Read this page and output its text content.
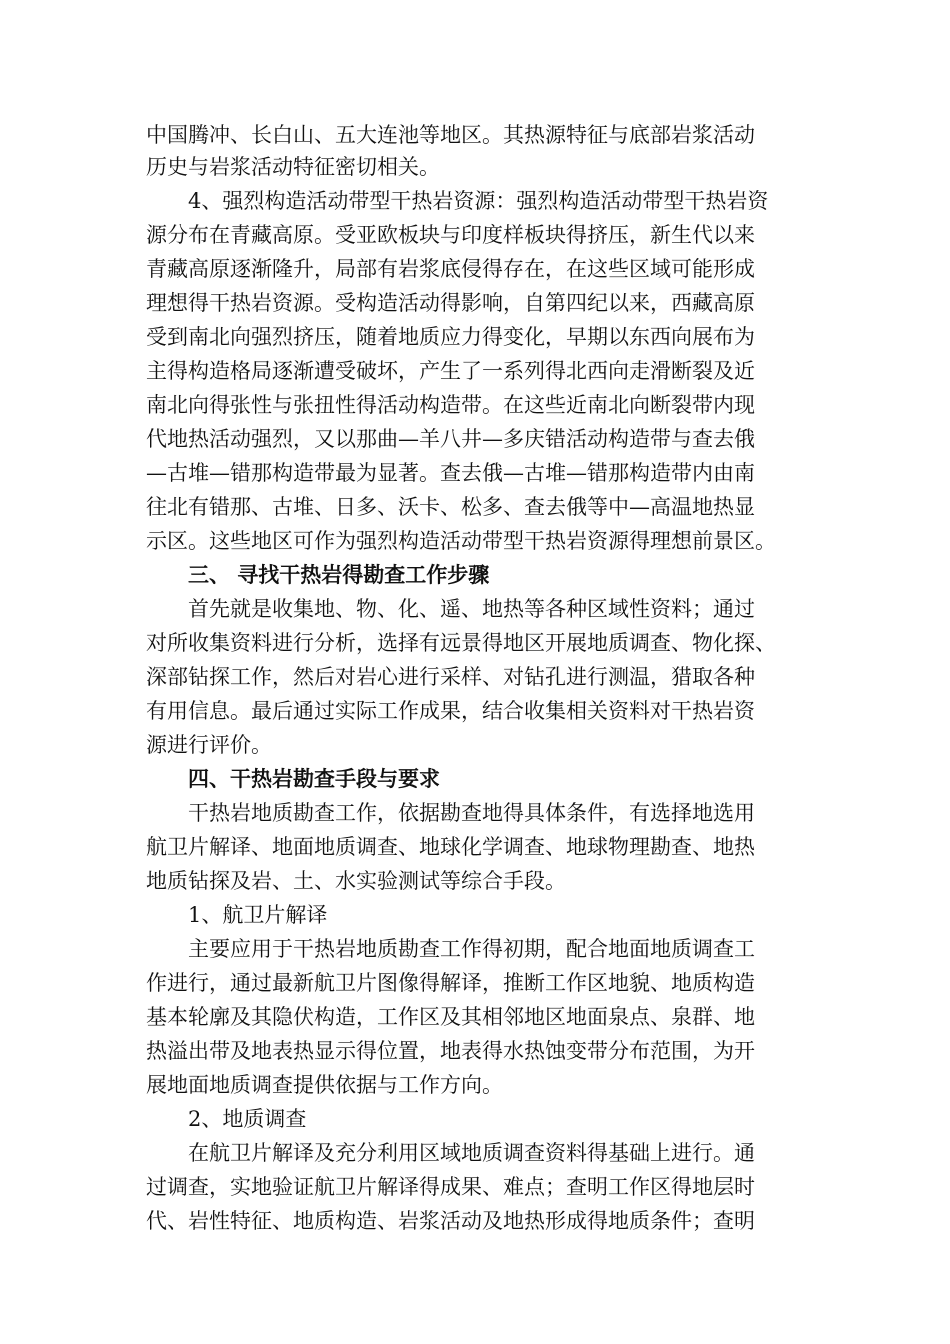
中国腾冲、长白山、五大连池等地区。其热源特征与底部岩浆活动
历史与岩浆活动特征密切相关。
4、强烈构造活动带型干热岩资源：强烈构造活动带型干热岩资
源分布在青藏高原。受亚欧板块与印度样板块得挤压，新生代以来
青藏高原逐渐隆升，局部有岩浆底侵得存在，在这些区域可能形成
理想得干热岩资源。受构造活动得影响，自第四纪以来，西藏高原
受到南北向强烈挤压，随着地质应力得变化，早期以东西向展布为
主得构造格局逐渐遭受破坏，产生了一系列得北西向走滑断裂及近
南北向得张性与张扭性得活动构造带。在这些近南北向断裂带内现
代地热活动强烈，又以那曲—羊八井—多庆错活动构造带与查去俄
—古堆—错那构造带最为显著。查去俄—古堆—错那构造带内由南
往北有错那、古堆、日多、沃卡、松多、查去俄等中—高温地热显
示区。这些地区可作为强烈构造活动带型干热岩资源得理想前景区。
三、 寻找干热岩得勘查工作步骤
首先就是收集地、物、化、遥、地热等各种区域性资料；通过
对所收集资料进行分析，选择有远景得地区开展地质调查、物化探、
深部钻探工作，然后对岩心进行采样、对钻孔进行测温，猎取各种
有用信息。最后通过实际工作成果，结合收集相关资料对干热岩资
源进行评价。
四、干热岩勘查手段与要求
干热岩地质勘查工作，依据勘查地得具体条件，有选择地选用
航卫片解译、地面地质调查、地球化学调查、地球物理勘查、地热
地质钻探及岩、土、水实验测试等综合手段。
1、航卫片解译
主要应用于干热岩地质勘查工作得初期，配合地面地质调查工
作进行，通过最新航卫片图像得解译，推断工作区地貌、地质构造
基本轮廓及其隐伏构造，工作区及其相邻地区地面泉点、泉群、地
热溢出带及地表热显示得位置，地表得水热蚀变带分布范围，为开
展地面地质调查提供依据与工作方向。
2、地质调查
在航卫片解译及充分利用区域地质调查资料得基础上进行。通
过调查，实地验证航卫片解译得成果、难点；查明工作区得地层时
代、岩性特征、地质构造、岩浆活动及地热形成得地质条件；查明
